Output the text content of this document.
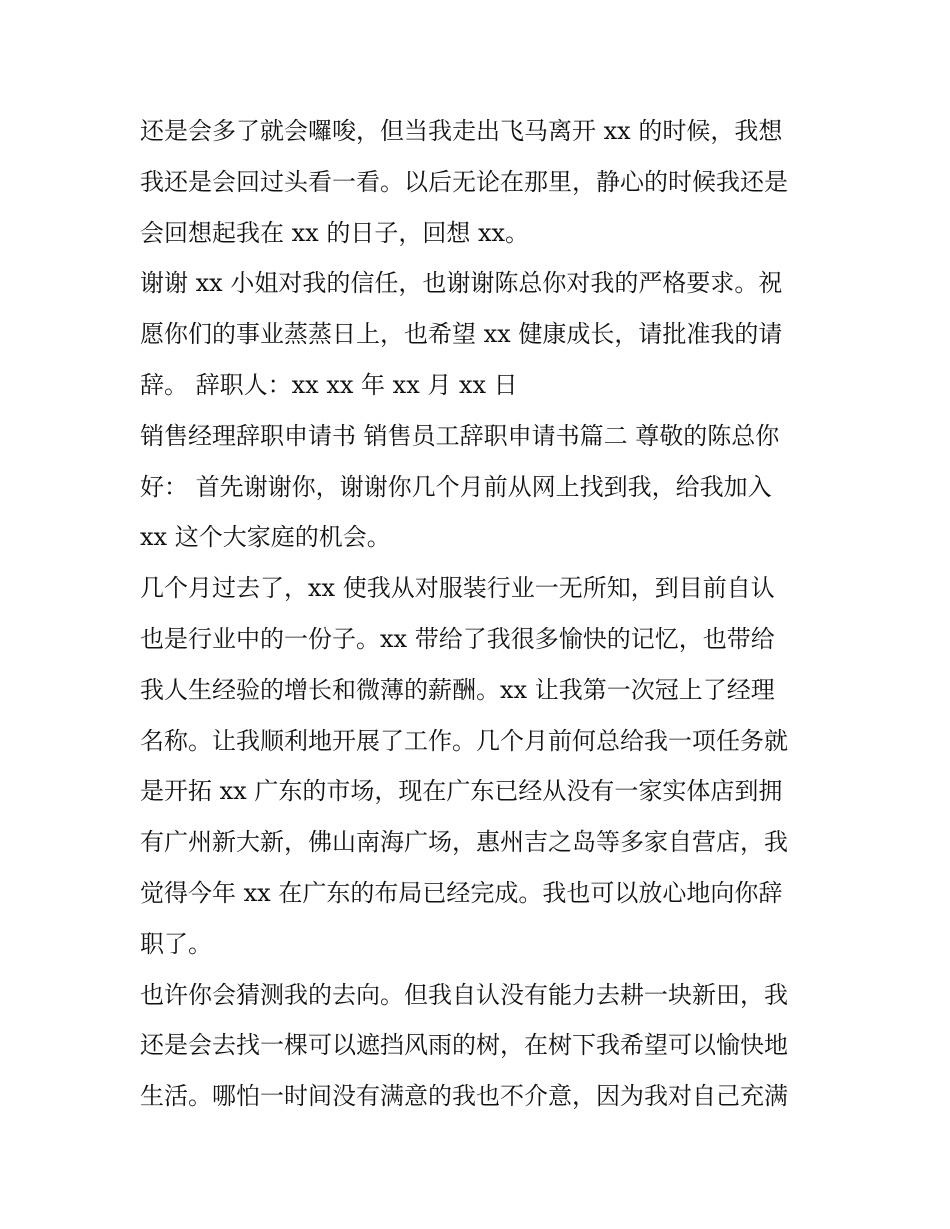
还是会多了就会囉唆，但当我走出飞马离开 xx 的时候，我想
我还是会回过头看一看。以后无论在那里，静心的时候我还是
会回想起我在 xx 的日子，回想 xx。
谢谢 xx 小姐对我的信任，也谢谢陈总你对我的严格要求。祝
愿你们的事业蒸蒸日上，也希望 xx 健康成长，请批准我的请
辞。 辞职人：xx xx 年 xx 月 xx 日
销售经理辞职申请书 销售员工辞职申请书篇二 尊敬的陈总你
好： 首先谢谢你，谢谢你几个月前从网上找到我，给我加入
xx 这个大家庭的机会。
几个月过去了，xx 使我从对服装行业一无所知，到目前自认
也是行业中的一份子。xx 带给了我很多愉快的记忆，也带给
我人生经验的增长和微薄的薪酬。xx 让我第一次冠上了经理
名称。让我顺利地开展了工作。几个月前何总给我一项任务就
是开拓 xx 广东的市场，现在广东已经从没有一家实体店到拥
有广州新大新，佛山南海广场，惠州吉之岛等多家自营店，我
觉得今年 xx 在广东的布局已经完成。我也可以放心地向你辞
职了。
也许你会猜测我的去向。但我自认没有能力去耕一块新田，我
还是会去找一棵可以遮挡风雨的树，在树下我希望可以愉快地
生活。哪怕一时间没有满意的我也不介意，因为我对自己充满
